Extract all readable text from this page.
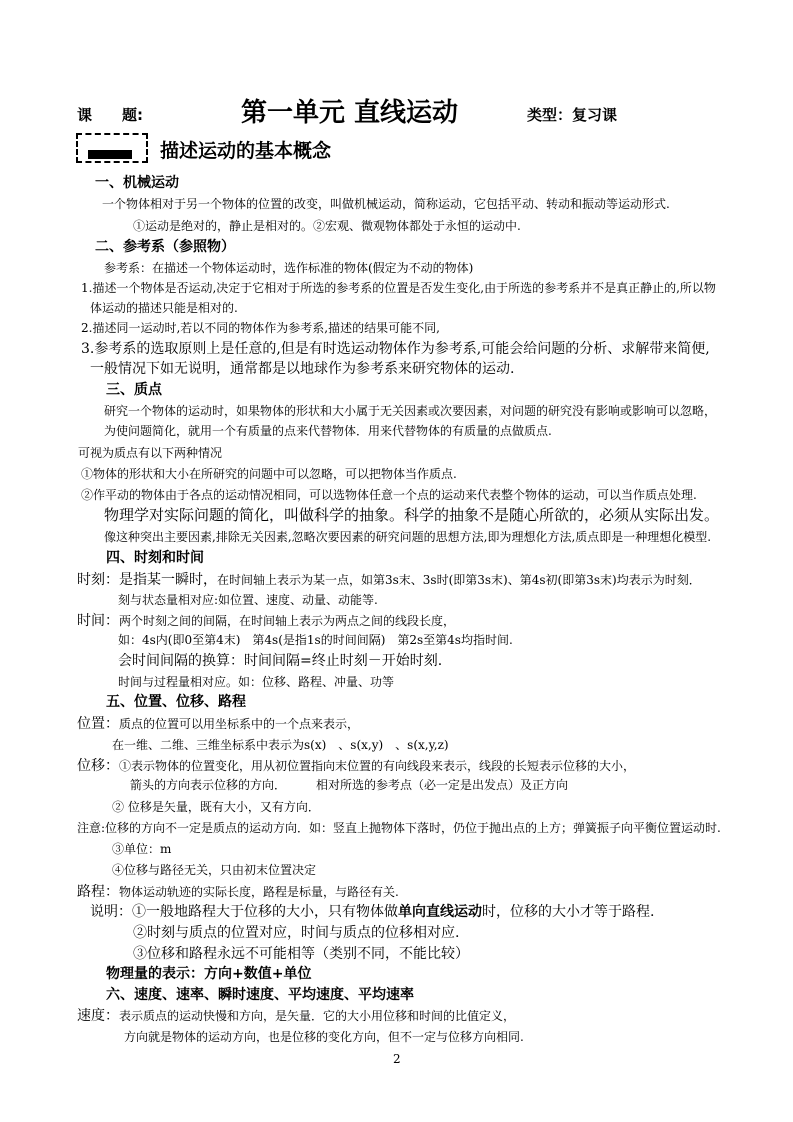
课　　题:	第一单元 直线运动	类型：复习课
描述运动的基本概念
一、机械运动
一个物体相对于另一个物体的位置的改变，叫做机械运动，简称运动，它包括平动、转动和振动等运动形式.
①运动是绝对的，静止是相对的。②宏观、微观物体都处于永恒的运动中.
二、参考系（参照物）
参考系：在描述一个物体运动时，选作标准的物体(假定为不动的物体)
1.描述一个物体是否运动,决定于它相对于所选的参考系的位置是否发生变化,由于所选的参考系并不是真正静止的,所以物
体运动的描述只能是相对的.
2.描述同一运动时,若以不同的物体作为参考系,描述的结果可能不同,
3.参考系的选取原则上是任意的,但是有时选运动物体作为参考系,可能会给问题的分析、求解带来简便,
一般情况下如无说明，通常都是以地球作为参考系来研究物体的运动.
三、质点
研究一个物体的运动时，如果物体的形状和大小属于无关因素或次要因素，对问题的研究没有影响或影响可以忽略，
为使问题简化，就用一个有质量的点来代替物体．用来代替物体的有质量的点做质点.
可视为质点有以下两种情况
①物体的形状和大小在所研究的问题中可以忽略，可以把物体当作质点.
②作平动的物体由于各点的运动情况相同，可以选物体任意一个点的运动来代表整个物体的运动，可以当作质点处理.
物理学对实际问题的简化，叫做科学的抽象。科学的抽象不是随心所欲的，必须从实际出发。
像这种突出主要因素,排除无关因素,忽略次要因素的研究问题的思想方法,即为理想化方法,质点即是一种理想化模型.
四、时刻和时间
时刻：是指某一瞬时，在时间轴上表示为某一点，如第3s末、3s时(即第3s末)、第4s初(即第3s末)均表示为时刻．
刻与状态量相对应:如位置、速度、动量、动能等.
时间：两个时刻之间的间隔，在时间轴上表示为两点之间的线段长度，
如：4s内(即0至第4末)　第4s(是指1s的时间间隔)　第2s至第4s均指时间.
会时间间隔的换算：时间间隔=终止时刻－开始时刻.
时间与过程量相对应。如：位移、路程、冲量、功等
五、位置、位移、路程
位置：质点的位置可以用坐标系中的一个点来表示，
在一维、二维、三维坐标系中表示为s(x)　、s(x,y)　、s(x,y,z)
位移：①表示物体的位置变化，用从初位置指向末位置的有向线段来表示，线段的长短表示位移的大小，
箭头的方向表示位移的方向．　　　相对所选的参考点（必一定是出发点）及正方向
② 位移是矢量，既有大小，又有方向．
注意:位移的方向不一定是质点的运动方向．如：竖直上抛物体下落时，仍位于抛出点的上方；弹簧振子向平衡位置运动时.
③单位：m
④位移与路径无关，只由初末位置决定
路程：物体运动轨迹的实际长度，路程是标量，与路径有关.
说明：①一般地路程大于位移的大小，只有物体做单向直线运动时，位移的大小才等于路程.
②时刻与质点的位置对应，时间与质点的位移相对应.
③位移和路程永远不可能相等（类别不同，不能比较）
物理量的表示：方向+数值+单位
六、速度、速率、瞬时速度、平均速度、平均速率
速度：表示质点的运动快慢和方向，是矢量．它的大小用位移和时间的比值定义，
方向就是物体的运动方向，也是位移的变化方向，但不一定与位移方向相同.
2
